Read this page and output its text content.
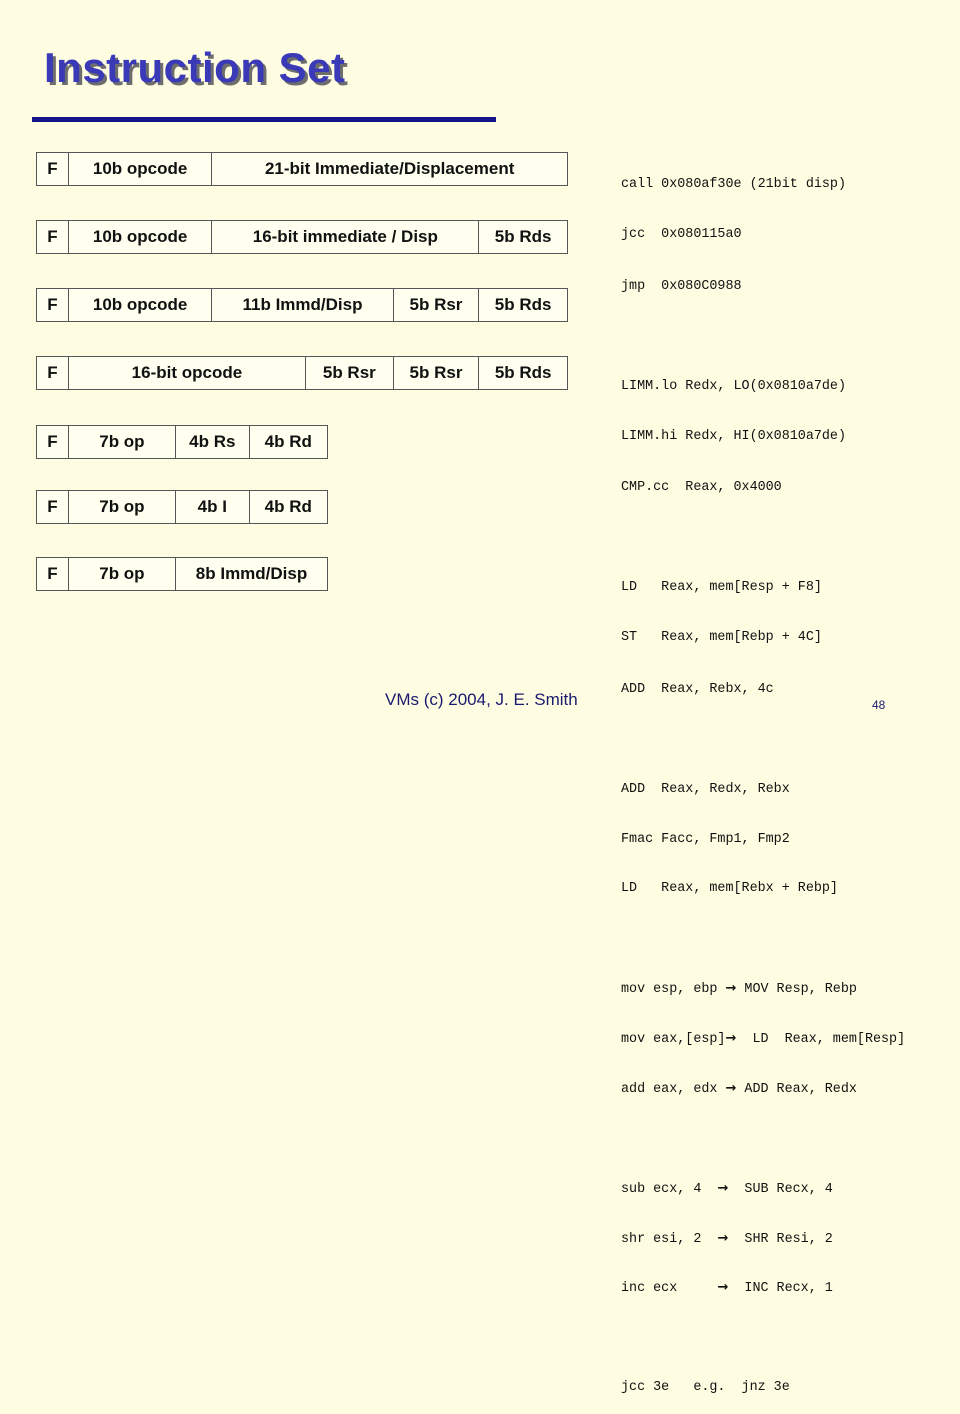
Instruction Set
F	10b opcode	21-bit Immediate/Displacement
F	10b opcode	16-bit immediate / Disp	5b Rds
F	10b opcode	11b Immd/Disp	5b Rsr	5b Rds
F	16-bit opcode	5b Rsr	5b Rsr	5b Rds
F	7b op	4b Rs	4b Rd
F	7b op	4b I	4b Rd
F	7b op	8b Immd/Disp

call 0x080af30e (21bit disp)

jcc  0x080115a0

jmp  0x080C0988

LIMM.lo Redx, LO(0x0810a7de)

LIMM.hi Redx, HI(0x0810a7de)

CMP.cc  Reax, 0x4000

LD   Reax, mem[Resp + F8]

ST   Reax, mem[Rebp + 4C]

ADD  Reax, Rebx, 4c

ADD  Reax, Redx, Rebx

Fmac Facc, Fmp1, Fmp2

LD   Reax, mem[Rebx + Rebp]

mov esp, ebp → MOV Resp, Rebp

mov eax,[esp]→  LD  Reax, mem[Resp]

add eax, edx → ADD Reax, Redx

sub ecx, 4  →  SUB Recx, 4

shr esi, 2  →  SHR Resi, 2

inc ecx     →  INC Recx, 1

jcc 3e   e.g.  jnz 3e

VMs (c) 2004, J. E. Smith	48
